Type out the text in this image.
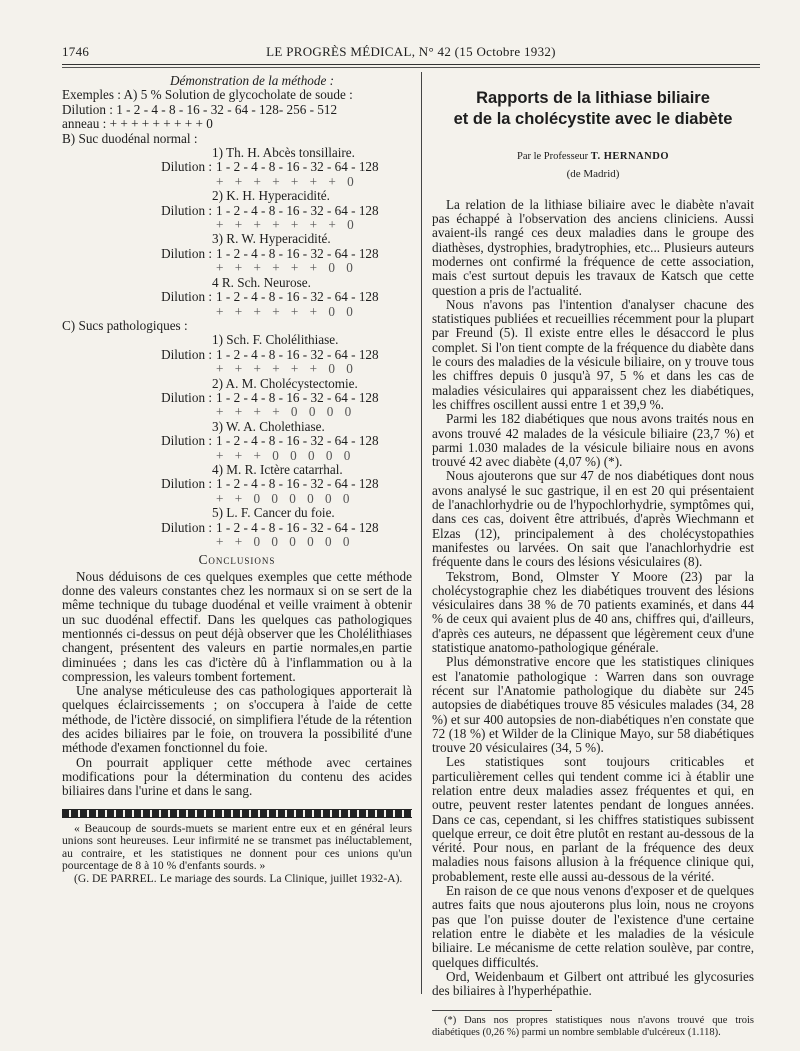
1746	LE PROGRÈS MÉDICAL, N° 42 (15 Octobre 1932)
Démonstration de la méthode :
Exemples : A) 5 % Solution de glycocholate de soude :
Dilution : 1 - 2 - 4 - 8 - 16 - 32 - 64 - 128- 256 - 512
anneau : + + + + + + + + + 0
B) Suc duodénal normal :
1) Th. H. Abcès tonsillaire.
Dilution : 1 - 2 - 4 - 8 - 16 - 32 - 64 - 128
+ + + + + + + 0
2) K. H. Hyperacidité.
Dilution : 1 - 2 - 4 - 8 - 16 - 32 - 64 - 128
+ + + + + + + 0
3) R. W. Hyperacidité.
Dilution : 1 - 2 - 4 - 8 - 16 - 32 - 64 - 128
+ + + + + + 0 0
4 R. Sch. Neurose.
Dilution : 1 - 2 - 4 - 8 - 16 - 32 - 64 - 128
+ + + + + + 0 0
C) Sucs pathologiques :
1) Sch. F. Cholélithiase.
Dilution : 1 - 2 - 4 - 8 - 16 - 32 - 64 - 128
+ + + + + + 0 0
2) A. M. Cholécystectomie.
Dilution : 1 - 2 - 4 - 8 - 16 - 32 - 64 - 128
+ + + + 0 0 0 0
3) W. A. Cholethiase.
Dilution : 1 - 2 - 4 - 8 - 16 - 32 - 64 - 128
+ + + 0 0 0 0 0
4) M. R. Ictère catarrhal.
Dilution : 1 - 2 - 4 - 8 - 16 - 32 - 64 - 128
+ + 0 0 0 0 0 0
5) L. F. Cancer du foie.
Dilution : 1 - 2 - 4 - 8 - 16 - 32 - 64 - 128
+ + 0 0 0 0 0 0
Conclusions
Nous déduisons de ces quelques exemples que cette méthode donne des valeurs constantes chez les normaux si on se sert de la même technique du tubage duodénal et veille vraiment à obtenir un suc duodénal effectif. Dans les quelques cas pathologiques mentionnés ci-dessus on peut déjà observer que les Cholélithiases changent, présentent des valeurs en partie normales,en partie diminuées ; dans les cas d'ictère dû à l'inflammation ou à la compression, les valeurs tombent fortement.
Une analyse méticuleuse des cas pathologiques apporterait là quelques éclaircissements ; on s'occupera à l'aide de cette méthode, de l'ictère dissocié, on simplifiera l'étude de la rétention des acides biliaires par le foie, on trouvera la possibilité d'une méthode d'examen fonctionnel du foie.
On pourrait appliquer cette méthode avec certaines modifications pour la détermination du contenu des acides biliaires dans l'urine et dans le sang.
« Beaucoup de sourds-muets se marient entre eux et en général leurs unions sont heureuses. Leur infirmité ne se transmet pas inéluctablement, au contraire, et les statistiques ne donnent pour ces unions qu'un pourcentage de 8 à 10 % d'enfants sourds. »
(G. DE PARREL. Le mariage des sourds. La Clinique, juillet 1932-A).
Rapports de la lithiase biliaire
et de la cholécystite avec le diabète
Par le Professeur T. HERNANDO
(de Madrid)
La relation de la lithiase biliaire avec le diabète n'avait pas échappé à l'observation des anciens cliniciens. Aussi avaient-ils rangé ces deux maladies dans le groupe des diathèses, dystrophies, bradytrophies, etc... Plusieurs auteurs modernes ont confirmé la fréquence de cette association, mais c'est surtout depuis les travaux de Katsch que cette question a pris de l'actualité.
Nous n'avons pas l'intention d'analyser chacune des statistiques publiées et recueillies récemment pour la plupart par Freund (5). Il existe entre elles le désaccord le plus complet. Si l'on tient compte de la fréquence du diabète dans le cours des maladies de la vésicule biliaire, on y trouve tous les chiffres depuis 0 jusqu'à 97, 5 % et dans les cas de maladies vésiculaires qui apparaissent chez les diabétiques, les chiffres oscillent aussi entre 1 et 39,9 %.
Parmi les 182 diabétiques que nous avons traités nous en avons trouvé 42 malades de la vésicule biliaire (23,7 %) et parmi 1.030 malades de la vésicule biliaire nous en avons trouvé 42 avec diabète (4,07 %) (*).
Nous ajouterons que sur 47 de nos diabétiques dont nous avons analysé le suc gastrique, il en est 20 qui présentaient de l'anachlorhydrie ou de l'hypochlorhydrie, symptômes qui, dans ces cas, doivent être attribués, d'après Wiechmann et Elzas (12), principalement à des cholécystopathies manifestes ou larvées. On sait que l'anachlorhydrie est fréquente dans le cours des lésions vésiculaires (8).
Tekstrom, Bond, Olmster Y Moore (23) par la cholécystographie chez les diabétiques trouvent des lésions vésiculaires dans 38 % de 70 patients examinés, et dans 44 % de ceux qui avaient plus de 40 ans, chiffres qui, d'ailleurs, d'après ces auteurs, ne dépassent que légèrement ceux d'une statistique anatomo-pathologique générale.
Plus démonstrative encore que les statistiques cliniques est l'anatomie pathologique : Warren dans son ouvrage récent sur l'Anatomie pathologique du diabète sur 245 autopsies de diabétiques trouve 85 vésicules malades (34, 28 %) et sur 400 autopsies de non-diabétiques n'en constate que 72 (18 %) et Wilder de la Clinique Mayo, sur 58 diabétiques trouve 20 vésiculaires (34, 5 %).
Les statistiques sont toujours criticables et particulièrement celles qui tendent comme ici à établir une relation entre deux maladies assez fréquentes et qui, en outre, peuvent rester latentes pendant de longues années. Dans ce cas, cependant, si les chiffres statistiques subissent quelque erreur, ce doit être plutôt en restant au-dessous de la vérité. Pour nous, en parlant de la fréquence des deux maladies nous faisons allusion à la fréquence clinique qui, probablement, reste elle aussi au-dessous de la vérité.
En raison de ce que nous venons d'exposer et de quelques autres faits que nous ajouterons plus loin, nous ne croyons pas que l'on puisse douter de l'existence d'une certaine relation entre le diabète et les maladies de la vésicule biliaire. Le mécanisme de cette relation soulève, par contre, quelques difficultés.
Ord, Weidenbaum et Gilbert ont attribué les glycosuries des biliaires à l'hyperhépathie.
(*) Dans nos propres statistiques nous n'avons trouvé que trois diabétiques (0,26 %) parmi un nombre semblable d'ulcéreux (1.118).
